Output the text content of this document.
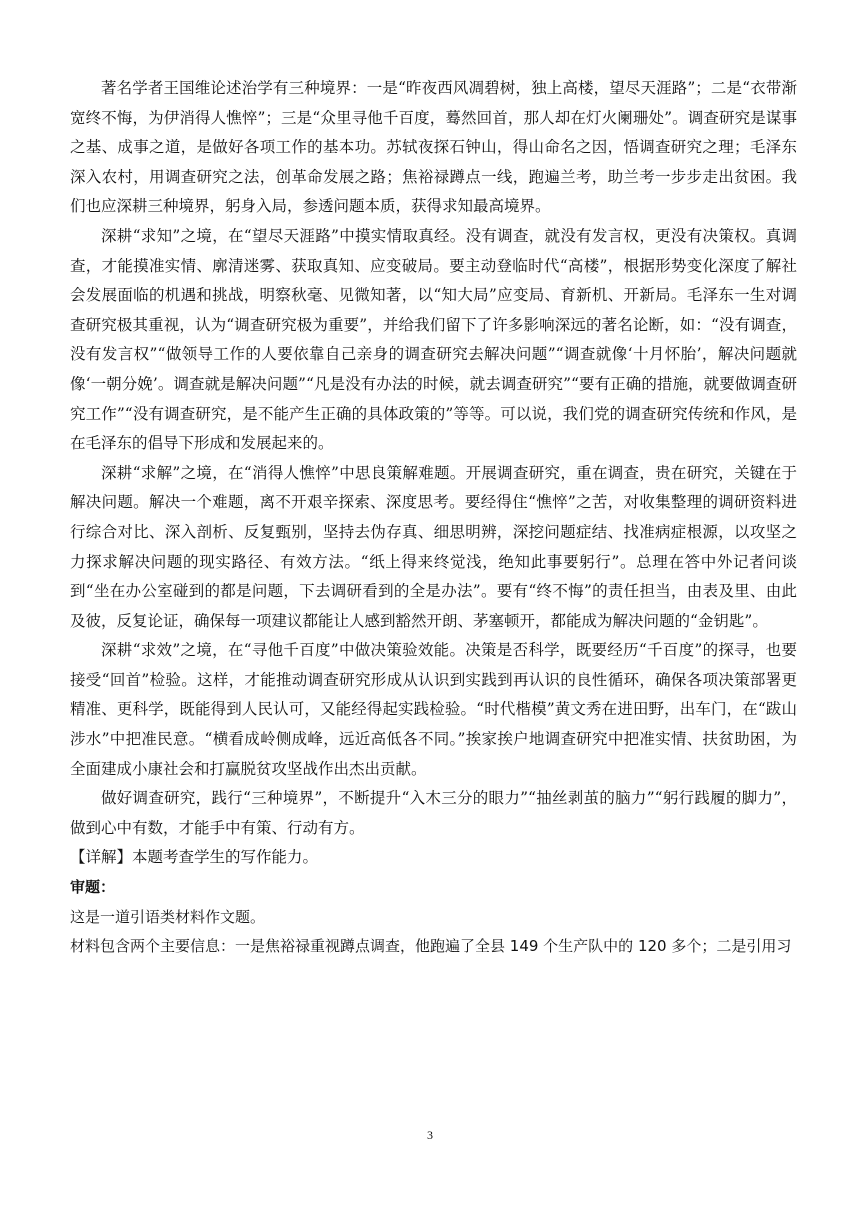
著名学者王国维论述治学有三种境界：一是“昨夜西风凋碧树，独上高楼，望尽天涯路”；二是“衣带渐宽终不悔，为伊消得人憔悴”；三是“众里寻他千百度，蓦然回首，那人却在灯火阑珊处”。调查研究是谋事之基、成事之道，是做好各项工作的基本功。苏轼夜探石钟山，得山命名之因，悟调查研究之理；毛泽东深入农村，用调查研究之法，创革命发展之路；焦裕禄蹲点一线，跑遍兰考，助兰考一步步走出贫困。我们也应深耕三种境界，躬身入局，参透问题本质，获得求知最高境界。

深耕“求知”之境，在“望尽天涯路”中摸实情取真经。没有调查，就没有发言权，更没有决策权。真调查，才能摸准实情、廓清迷雾、获取真知、应变破局。要主动登临时代“高楼”，根据形势变化深度了解社会发展面临的机遇和挑战，明察秋毫、见微知著，以“知大局”应变局、育新机、开新局。毛泽东一生对调查研究极其重视，认为“调查研究极为重要”，并给我们留下了许多影响深远的著名论断，如：“没有调查，没有发言权”“做领导工作的人要依靠自己亲身的调查研究去解决问题”“调查就像‘十月怀胎’，解决问题就像‘一朝分娩’。调查就是解决问题”“凡是没有办法的时候，就去调查研究”“要有正确的措施，就要做调查研究工作”“没有调查研究，是不能产生正确的具体政策的”等等。可以说，我们党的调查研究传统和作风，是在毛泽东的倡导下形成和发展起来的。

深耕“求解”之境，在“消得人憔悴”中思良策解难题。开展调查研究，重在调查，贵在研究，关键在于解决问题。解决一个难题，离不开艰辛探索、深度思考。要经得住“憔悴”之苦，对收集整理的调研资料进行综合对比、深入剖析、反复甄别，坚持去伪存真、细思明辨，深挖问题症结、找准病症根源，以攻坚之力探求解决问题的现实路径、有效方法。“纸上得来终觉浅，绝知此事要躬行”。总理在答中外记者问谈到“坐在办公室碰到的都是问题，下去调研看到的全是办法”。要有“终不悔”的责任担当，由表及里、由此及彼，反复论证，确保每一项建议都能让人感到豁然开朗、茅塞顿开，都能成为解决问题的“金钥匙”。

深耕“求效”之境，在“寻他千百度”中做决策验效能。决策是否科学，既要经历“千百度”的探寻，也要接受“回首”检验。这样，才能推动调查研究形成从认识到实践到再认识的良性循环，确保各项决策部署更精准、更科学，既能得到人民认可，又能经得起实践检验。“时代楷模”黄文秀在进田野，出车门，在“跋山涉水”中把准民意。“横看成岭侧成峰，远近高低各不同。”挨家挨户地调查研究中把准实情、扶贫助困，为全面建成小康社会和打赢脱贫攻坚战作出杰出贡献。

做好调查研究，践行“三种境界”，不断提升“入木三分的眼力”“抽丝剥茧的脑力”“躬行践履的脚力”，做到心中有数，才能手中有策、行动有方。

【详解】本题考查学生的写作能力。

审题：

这是一道引语类材料作文题。

材料包含两个主要信息：一是焦裕禄重视蹲点调查，他跑遍了全县 149 个生产队中的 120 多个；二是引用习

3
